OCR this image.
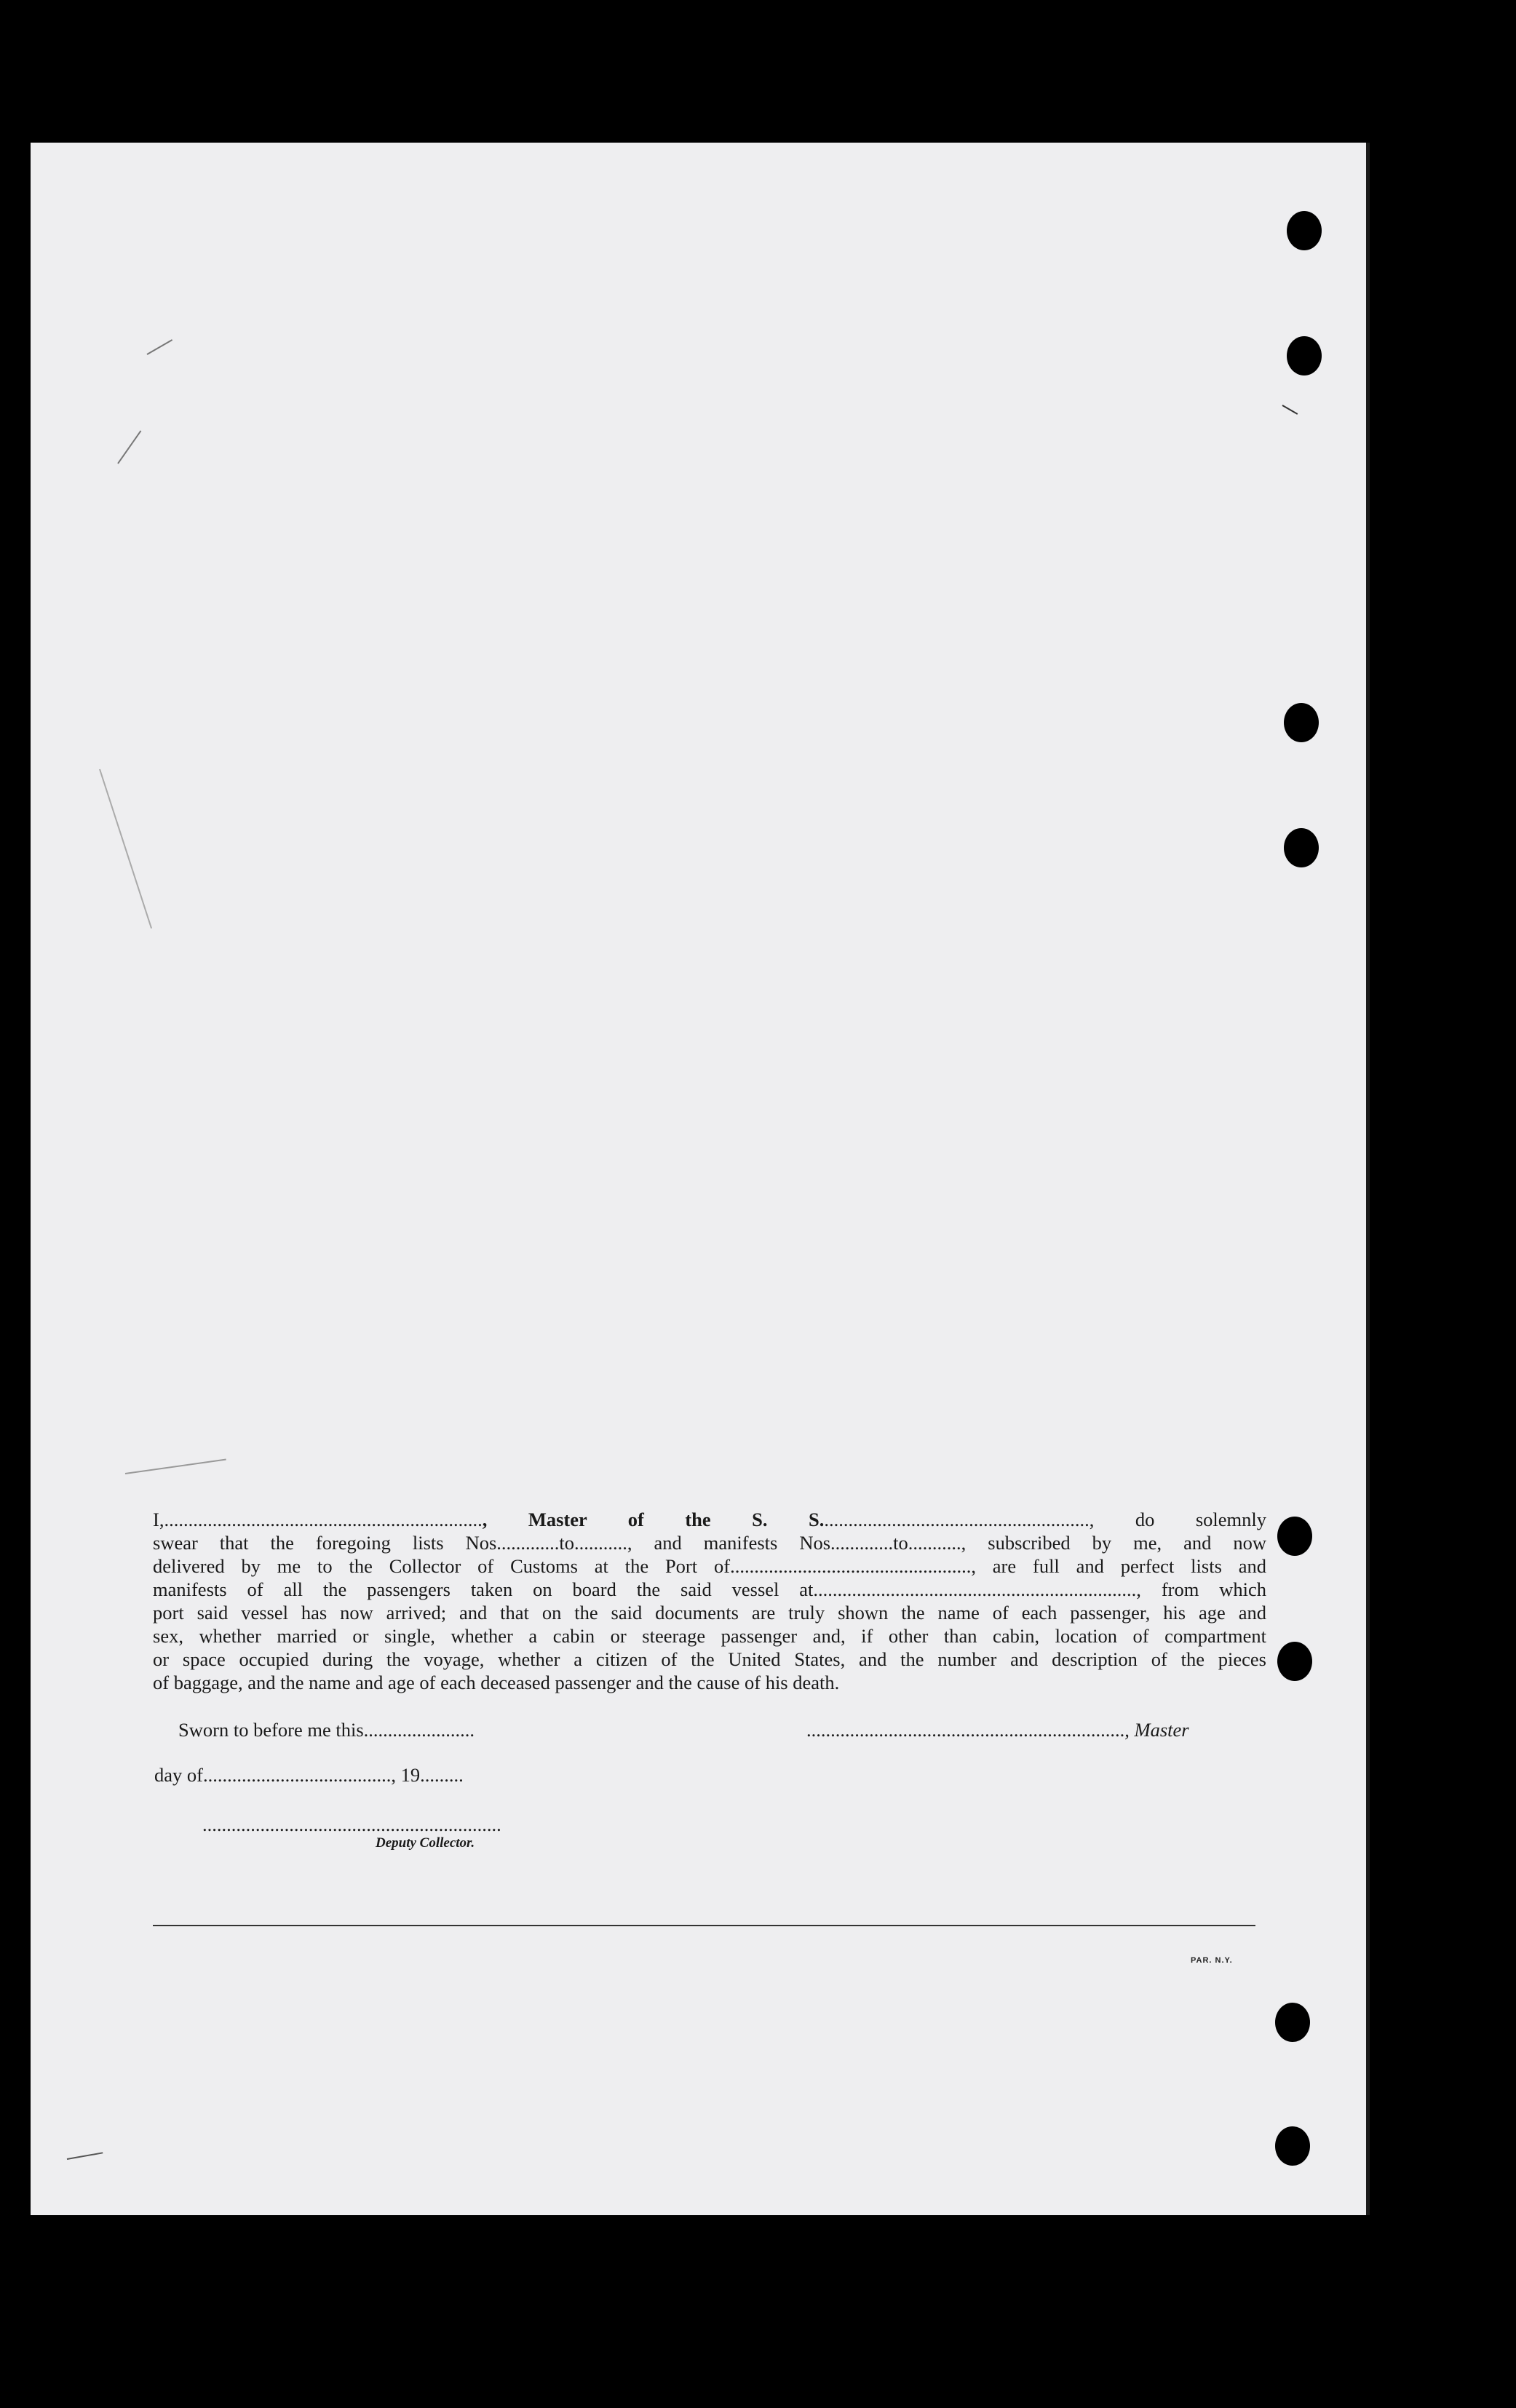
I,.................................................................., Master of the S. S........................................................, do solemnly
swear that the foregoing lists Nos.............to..........., and manifests Nos.............to..........., subscribed by me, and now
delivered by me to the Collector of Customs at the Port of.................................................., are full and perfect lists and
manifests of all the passengers taken on board the said vessel at..................................................................., from which
port said vessel has now arrived; and that on the said documents are truly shown the name of each passenger, his age and
sex, whether married or single, whether a cabin or steerage passenger and, if other than cabin, location of compartment
or space occupied during the voyage, whether a citizen of the United States, and the number and description of the pieces
of baggage, and the name and age of each deceased passenger and the cause of his death.
Sworn to before me this.......................	.................................................................., Master
day of......................................., 19.........
..............................................................
Deputy Collector.
PAR. N.Y.
